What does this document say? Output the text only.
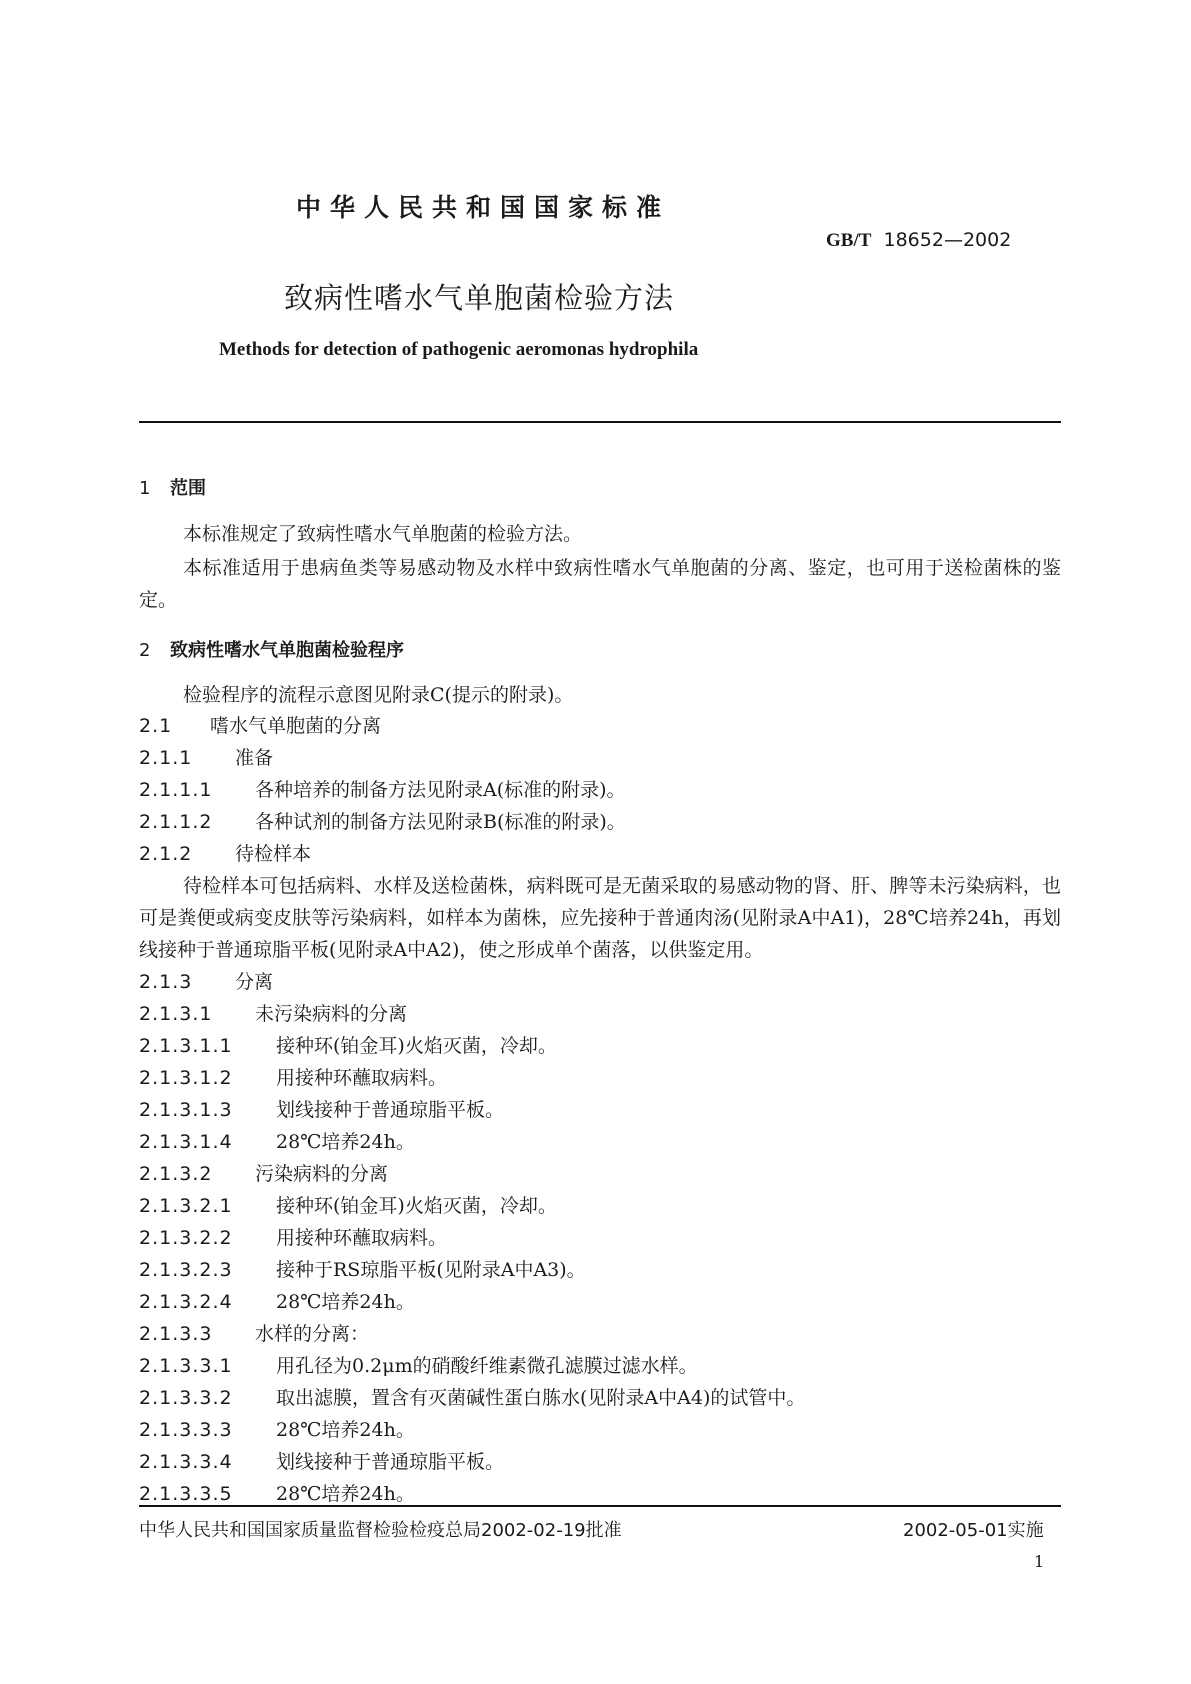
中华人民共和国国家标准
GB/T 18652—2002
致病性嗜水气单胞菌检验方法
Methods for detection of pathogenic aeromonas hydrophila
1 范围
本标准规定了致病性嗜水气单胞菌的检验方法。
本标准适用于患病鱼类等易感动物及水样中致病性嗜水气单胞菌的分离、鉴定，也可用于送检菌株的鉴定。
2 致病性嗜水气单胞菌检验程序
检验程序的流程示意图见附录C(提示的附录)。
2.1 嗜水气单胞菌的分离
2.1.1 准备
2.1.1.1 各种培养的制备方法见附录A(标准的附录)。
2.1.1.2 各种试剂的制备方法见附录B(标准的附录)。
2.1.2 待检样本
待检样本可包括病料、水样及送检菌株，病料既可是无菌采取的易感动物的肾、肝、脾等未污染病料，也可是粪便或病变皮肤等污染病料，如样本为菌株，应先接种于普通肉汤(见附录A中A1)，28℃培养24h，再划线接种于普通琼脂平板(见附录A中A2)，使之形成单个菌落，以供鉴定用。
2.1.3 分离
2.1.3.1 未污染病料的分离
2.1.3.1.1 接种环(铂金耳)火焰灭菌，冷却。
2.1.3.1.2 用接种环蘸取病料。
2.1.3.1.3 划线接种于普通琼脂平板。
2.1.3.1.4 28℃培养24h。
2.1.3.2 污染病料的分离
2.1.3.2.1 接种环(铂金耳)火焰灭菌，冷却。
2.1.3.2.2 用接种环蘸取病料。
2.1.3.2.3 接种于RS琼脂平板(见附录A中A3)。
2.1.3.2.4 28℃培养24h。
2.1.3.3 水样的分离：
2.1.3.3.1 用孔径为0.2μm的硝酸纤维素微孔滤膜过滤水样。
2.1.3.3.2 取出滤膜，置含有灭菌碱性蛋白胨水(见附录A中A4)的试管中。
2.1.3.3.3 28℃培养24h。
2.1.3.3.4 划线接种于普通琼脂平板。
2.1.3.3.5 28℃培养24h。
中华人民共和国国家质量监督检验检疫总局2002-02-19批准	2002-05-01实施
1
